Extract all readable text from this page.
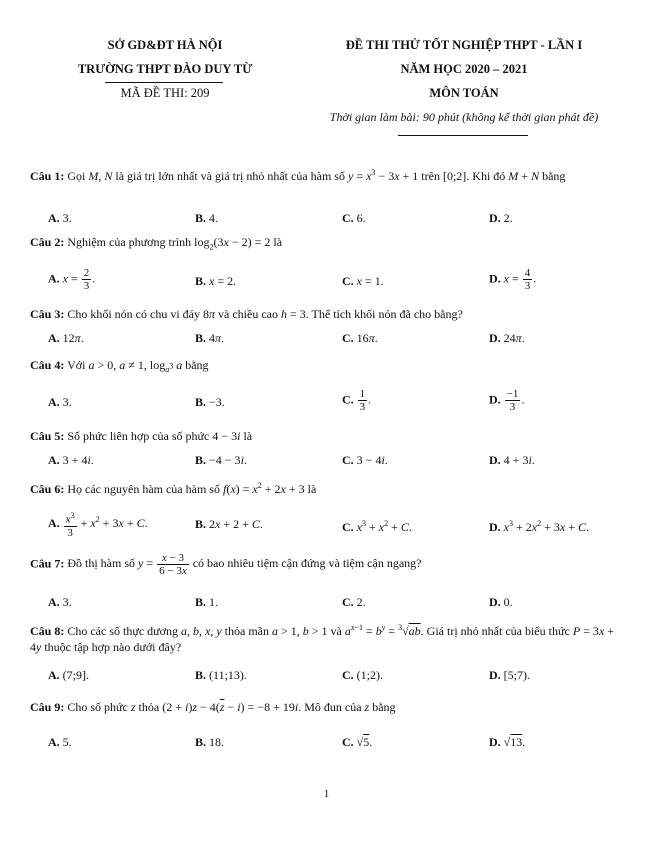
SỞ GD&ĐT HÀ NỘI
TRƯỜNG THPT ĐÀO DUY TỪ
MÃ ĐỀ THI: 209
ĐỀ THI THỬ TỐT NGHIỆP THPT - LẦN I
NĂM HỌC 2020 – 2021
MÔN TOÁN
Thời gian làm bài: 90 phút (không kể thời gian phát đề)
Câu 1: Gọi M, N là giá trị lớn nhất và giá trị nhỏ nhất của hàm số $y = x^3 - 3x + 1$ trên [0;2]. Khi đó M + N bằng
A. 3.	B. 4.	C. 6.	D. 2.
Câu 2: Nghiệm của phương trình $\log_2(3x - 2) = 2$ là
A. $x = \frac{2}{3}$ .	B. x = 2.	C. x = 1.	D. $x = \frac{4}{3}$ .
Câu 3: Cho khối nón có chu vi đáy 8π và chiều cao h = 3. Thể tích khối nón đã cho bằng?
A. 12π.	B. 4π.	C. 16π.	D. 24π.
Câu 4: Với a > 0, a ≠ 1, $\log_{a^3} a$ bằng
A. 3.	B. −3.	C. $\frac{1}{3}$ .	D. $\frac{-1}{3}$ .
Câu 5: Số phức liên hợp của số phức 4 − 3i là
A. 3 + 4i.	B. −4 − 3i.	C. 3 − 4i.	D. 4 + 3i.
Câu 6: Họ các nguyên hàm của hàm số $f(x) = x^2 + 2x + 3$ là
A. $\frac{x^3}{3} + x^2 + 3x + C$.	B. 2x + 2 + C.	C. $x^3 + x^2 + C$.	D. $x^3 + 2x^2 + 3x + C$.
Câu 7: Đồ thị hàm số $y = \frac{x - 3}{6 - 3x}$ có bao nhiêu tiệm cận đứng và tiệm cận ngang?
A. 3.	B. 1.	C. 2.	D. 0.
Câu 8: Cho các số thực dương a, b, x, y thỏa mãn a > 1, b > 1 và $a^{x-1} = b^y = ^3√ab$. Giá trị nhỏ nhất của biểu thức P = 3x + 4y thuộc tập hợp nào dưới đây?
A. (7;9].	B. (11;13).	C. (1;2).	D. [5;7).
Câu 9: Cho số phức z thỏa $(2 + i)z - 4(\overline{z} - i) = -8 + 19i$. Mô đun của z bằng
A. 5.	B. 18.	C. √5.	D. √13.
1
